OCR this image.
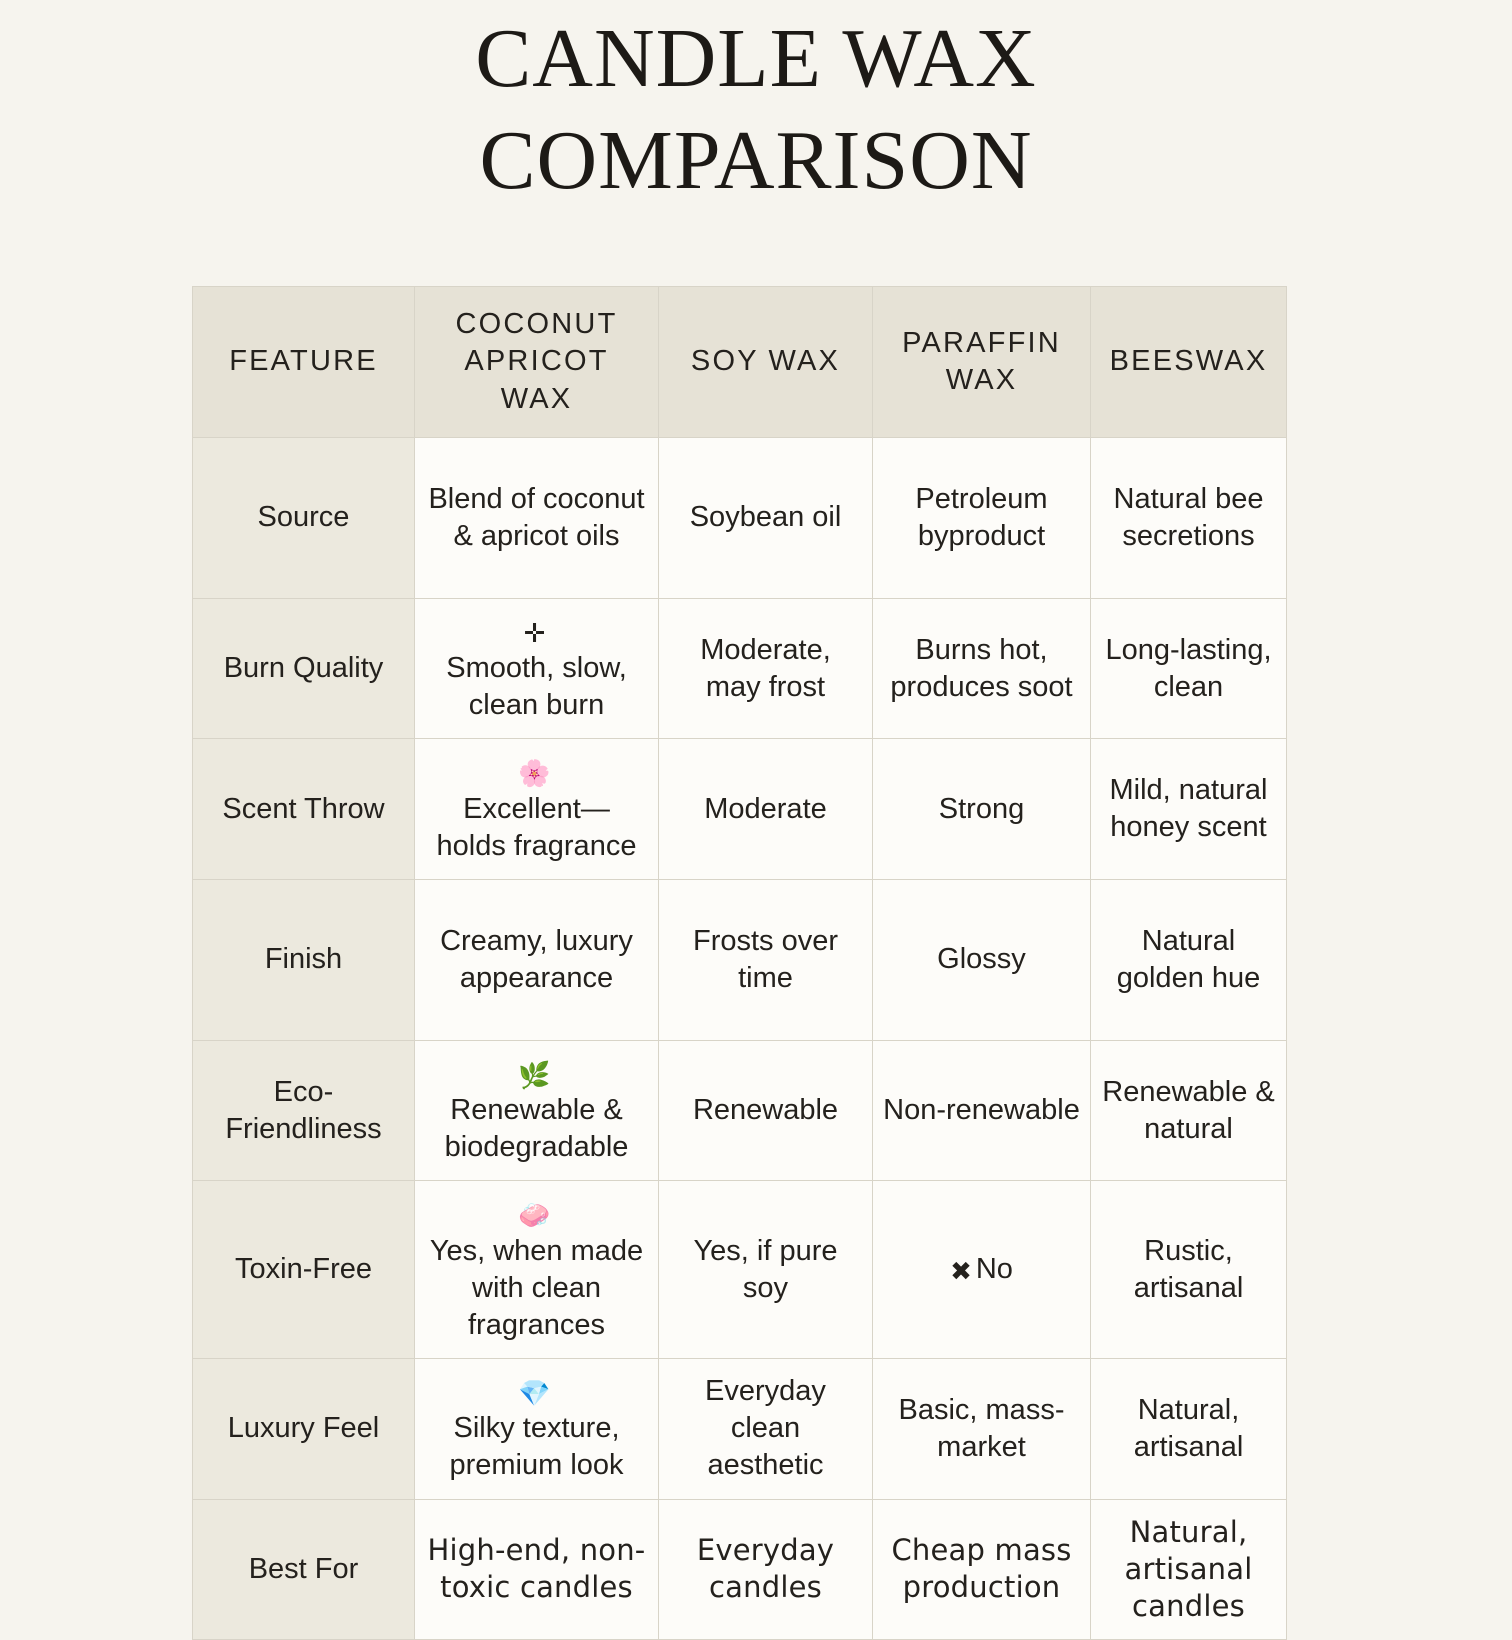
CANDLE WAX
COMPARISON
FEATURE	COCONUT APRICOT WAX	SOY WAX	PARAFFIN WAX	BEESWAX
Source	Blend of coconut & apricot oils	Soybean oil	Petroleum byproduct	Natural bee secretions
Burn Quality	✛Smooth, slow, clean burn	Moderate, may frost	Burns hot, produces soot	Long-lasting, clean
Scent Throw	🌸Excellent— holds fragrance	Moderate	Strong	Mild, natural honey scent
Finish	Creamy, luxury appearance	Frosts over time	Glossy	Natural golden hue
Eco-Friendliness	🌿Renewable & biodegradable	Renewable	Non-renewable	Renewable & natural
Toxin-Free	🧼Yes, when made with clean fragrances	Yes, if pure soy	✖ No	Rustic, artisanal
Luxury Feel	💎Silky texture, premium look	Everyday clean aesthetic	Basic, mass-market	Natural, artisanal
Best For	High-end, non-toxic candles	Everyday candles	Cheap mass production	Natural, artisanal candles
